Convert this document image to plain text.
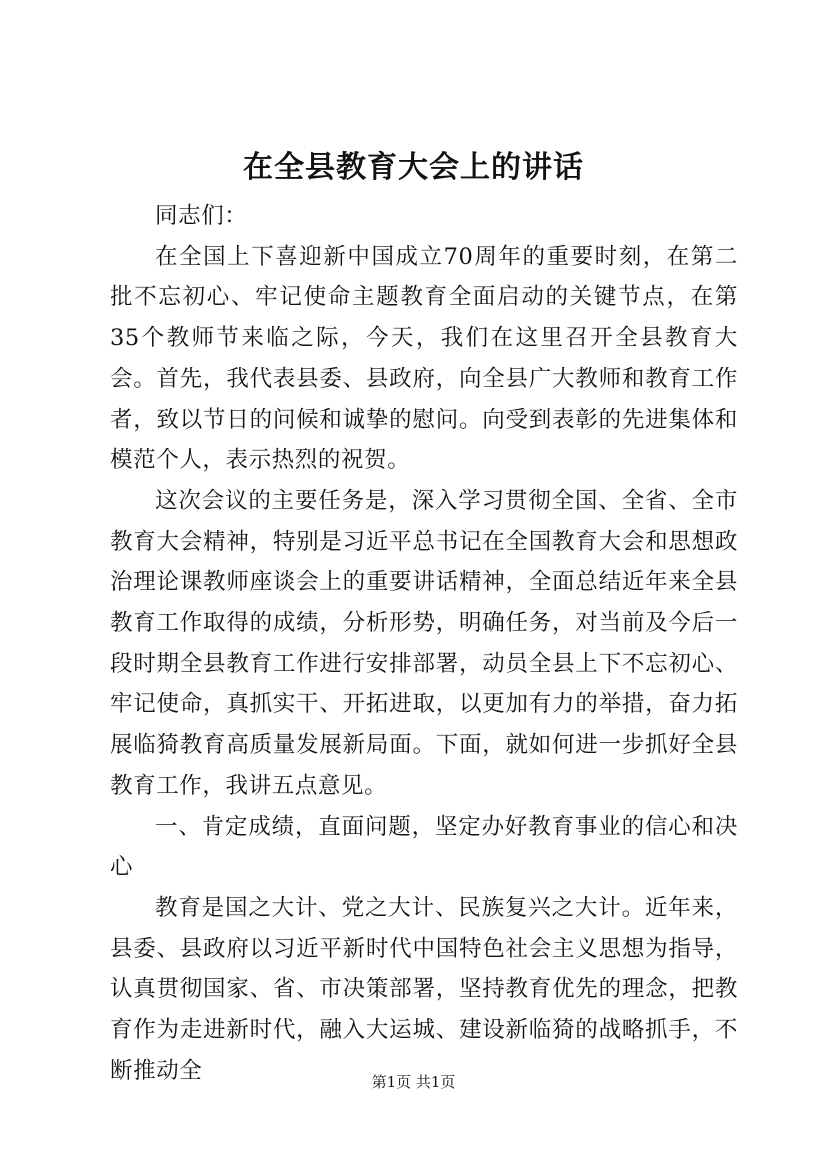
在全县教育大会上的讲话

同志们：

在全国上下喜迎新中国成立70周年的重要时刻，在第二批不忘初心、牢记使命主题教育全面启动的关键节点，在第35个教师节来临之际，今天，我们在这里召开全县教育大会。首先，我代表县委、县政府，向全县广大教师和教育工作者，致以节日的问候和诚挚的慰问。向受到表彰的先进集体和模范个人，表示热烈的祝贺。

这次会议的主要任务是，深入学习贯彻全国、全省、全市教育大会精神，特别是习近平总书记在全国教育大会和思想政治理论课教师座谈会上的重要讲话精神，全面总结近年来全县教育工作取得的成绩，分析形势，明确任务，对当前及今后一段时期全县教育工作进行安排部署，动员全县上下不忘初心、牢记使命，真抓实干、开拓进取，以更加有力的举措，奋力拓展临猗教育高质量发展新局面。下面，就如何进一步抓好全县教育工作，我讲五点意见。

一、肯定成绩，直面问题，坚定办好教育事业的信心和决心

教育是国之大计、党之大计、民族复兴之大计。近年来，县委、县政府以习近平新时代中国特色社会主义思想为指导，认真贯彻国家、省、市决策部署，坚持教育优先的理念，把教育作为走进新时代，融入大运城、建设新临猗的战略抓手，不断推动全	第1页 共1页
